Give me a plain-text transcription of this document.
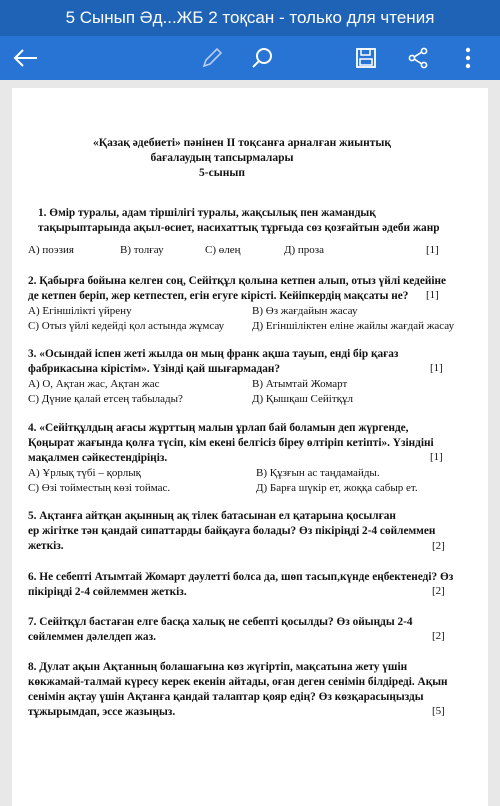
5 Сынып Әд...ЖБ 2 тоқсан - только для чтения
«Қазақ әдебиеті» пәнінен ІІ тоқсанға арналған жиынтық
бағалаудың тапсырмалары
5-сынып
1. Өмір туралы, адам тіршілігі туралы, жақсылық пен жамандық
тақырыптарында ақыл-өсиет, насихаттық тұрғыда сөз қозғайтын әдеби жанр
А) поэзия	В) толғау	С) өлең	Д) проза	[1]
2. Қабырға бойына келген соң, Сейітқұл қолына кетпен алып, отыз үйлі кедейіне
де кетпен беріп, жер кетпестеп, егін егуге кірісті. Кейіпкердің мақсаты не?	[1]
А) Егіншілікті үйрену	В) Өз жағдайын жасау
С) Отыз үйлі кедейді қол астында жұмсау	Д) Егіншіліктен еліне жайлы жағдай жасау
3. «Осындай іспен жеті жылда он мың франк ақша тауып, енді бір қағаз
фабрикасына кірістім». Үзінді қай шығармадан?	[1]
А) О, Ақтан жас, Ақтан жас	В) Атымтай Жомарт
С) Дүние қалай етсең табылады?	Д) Қышқаш Сейітқұл
4. «Сейітқұлдың ағасы жұрттың малын ұрлап бай боламын деп жүргенде,
Қоңырат жағында қолға түсіп, кім екені белгісіз біреу өлтіріп кетіпті». Үзіндіні
мақалмен сәйкестендіріңіз.	[1]
А) Ұрлық түбі – қорлық	В) Құзғын ас таңдамайды.
С) Өзі тойместың көзі тоймас.	Д) Барға шүкір ет, жоққа сабыр ет.
5. Ақтанға айтқан ақынның ақ тілек батасынан ел қатарына қосылған
ер жігітке тән қандай сипаттарды байқауға болады? Өз пікіріңді 2-4 сөйлеммен
жеткіз.	[2]
6. Не себепті Атымтай Жомарт дәулетті болса да, шөп тасып,күнде еңбектенеді? Өз
пікіріңді 2-4 сөйлеммен жеткіз.	[2]
7. Сейітқұл бастаған елге басқа халық не себепті қосылды? Өз ойыңды 2-4
сөйлеммен дәлелдеп жаз.	[2]
8. Дулат ақын Ақтанның болашағына көз жүгіртіп, мақсатына жету үшін
көкжамай-талмай күресу керек екенін айтады, оған деген сенімін білдіреді. Ақын
сенімін ақтау үшін Ақтанға қандай талаптар қояр едің? Өз көзқарасыңызды
тұжырымдап, эссе жазыңыз.	[5]
